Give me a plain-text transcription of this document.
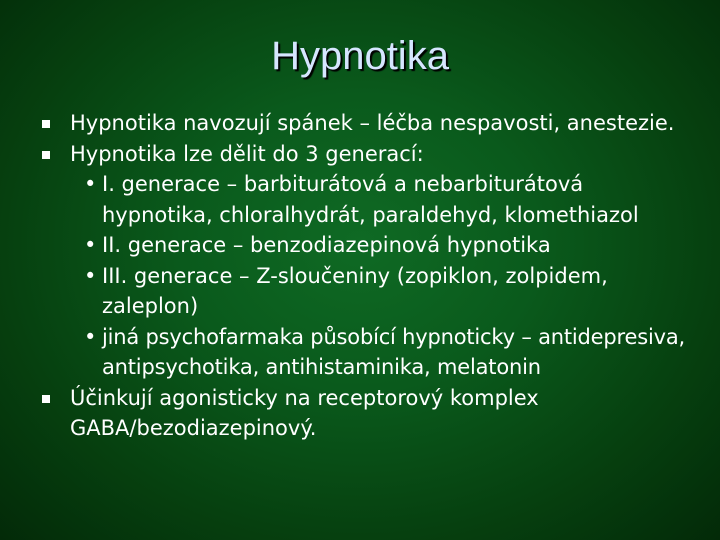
Hypnotika
Hypnotika navozují spánek – léčba nespavosti, anestezie.
Hypnotika lze dělit do 3 generací:
• I. generace – barbiturátová a nebarbiturátová hypnotika, chloralhydrát, paraldehyd, klomethiazol
• II. generace – benzodiazepinová hypnotika
• III. generace – Z-sloučeniny (zopiklon, zolpidem, zaleplon)
• jiná psychofarmaka působící hypnoticky – antidepresiva, antipsychotika, antihistaminika, melatonin
Účinkují agonisticky na receptorový komplex GABA/bezodiazepinový.
